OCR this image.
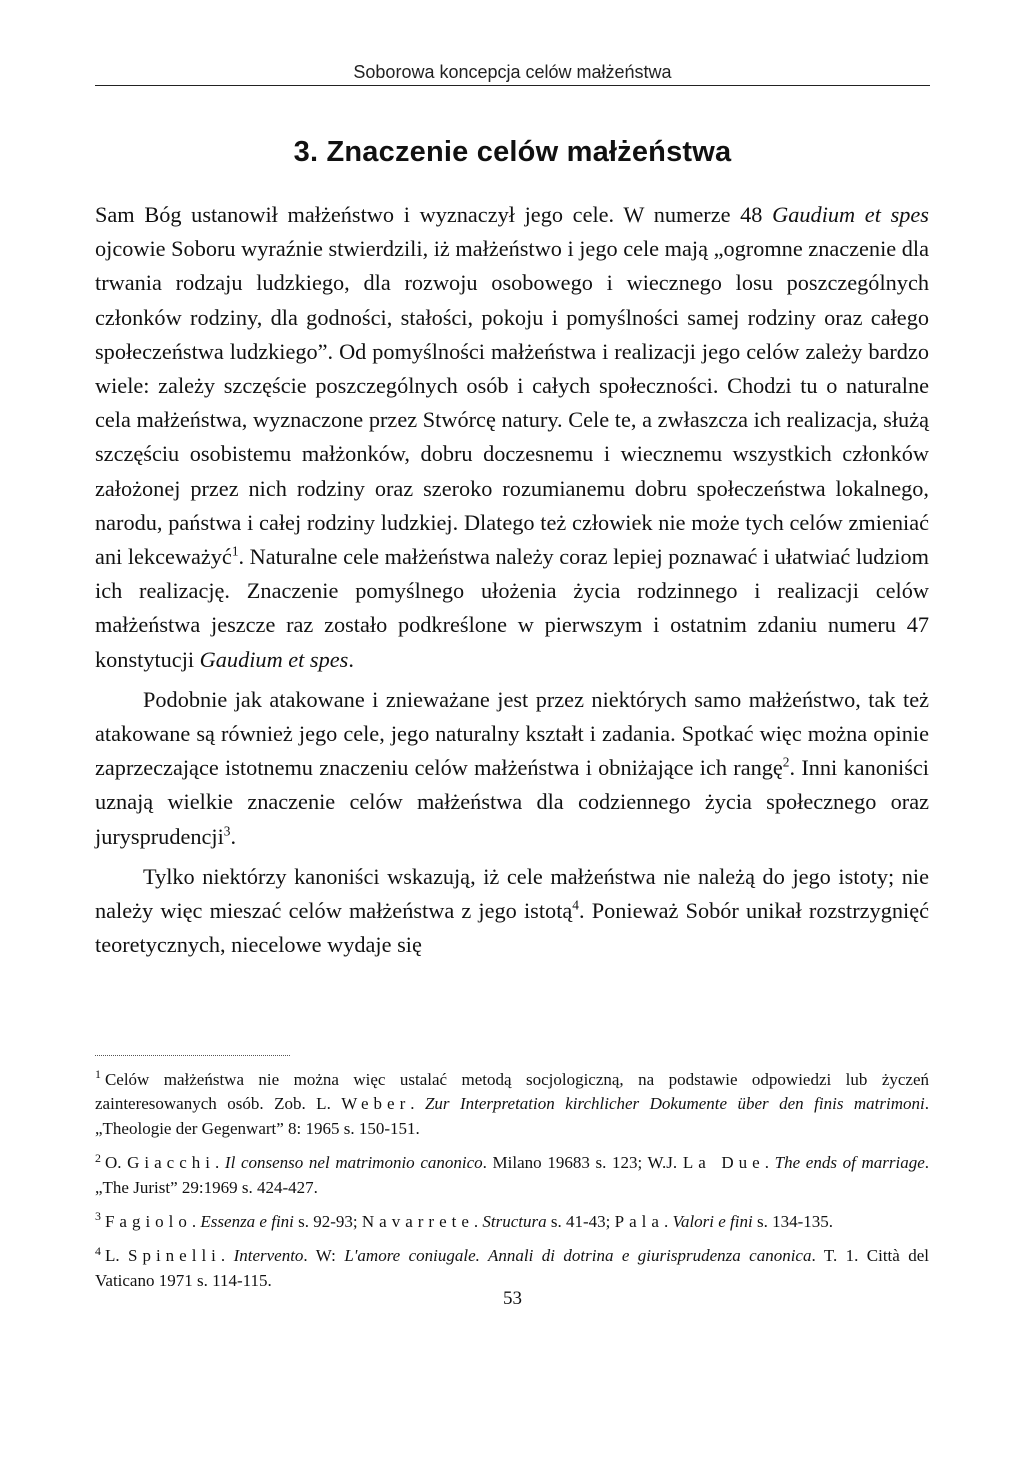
Soborowa koncepcja celów małżeństwa
3. Znaczenie celów małżeństwa

Sam Bóg ustanowił małżeństwo i wyznaczył jego cele. W numerze 48 Gaudium et spes ojcowie Soboru wyraźnie stwierdzili, iż małżeństwo i jego cele mają „ogromne znaczenie dla trwania rodzaju ludzkiego, dla rozwoju osobowego i wiecznego losu poszczególnych członków rodziny, dla godności, stałości, pokoju i pomyślności samej rodziny oraz całego społeczeństwa ludzkiego”. Od pomyślności małżeństwa i realizacji jego celów zależy bardzo wiele: zależy szczęście poszczególnych osób i całych społeczności. Chodzi tu o naturalne cela małżeństwa, wyznaczone przez Stwórcę natury. Cele te, a zwłaszcza ich realizacja, służą szczęściu osobistemu małżonków, dobru doczesnemu i wiecznemu wszystkich członków założonej przez nich rodziny oraz szeroko rozumianemu dobru społeczeństwa lokalnego, narodu, państwa i całej rodziny ludzkiej. Dlatego też człowiek nie może tych celów zmieniać ani lekceważyć$^1$. Naturalne cele małżeństwa należy coraz lepiej poznawać i ułatwiać ludziom ich realizację. Znaczenie pomyślnego ułożenia życia rodzinnego i realizacji celów małżeństwa jeszcze raz zostało podkreślone w pierwszym i ostatnim zdaniu numeru 47 konstytucji Gaudium et spes.

Podobnie jak atakowane i znieważane jest przez niektórych samo małżeństwo, tak też atakowane są również jego cele, jego naturalny kształt i zadania. Spotkać więc można opinie zaprzeczające istotnemu znaczeniu celów małżeństwa i obniżające ich rangę$^2$. Inni kanoniści uznają wielkie znaczenie celów małżeństwa dla codziennego życia społecznego oraz jurysprudencji$^3$.

Tylko niektórzy kanoniści wskazują, iż cele małżeństwa nie należą do jego istoty; nie należy więc mieszać celów małżeństwa z jego istotą$^4$. Ponieważ Sobór unikał rozstrzygnięć teoretycznych, niecelowe wydaje się

$^1$ Celów małżeństwa nie można więc ustalać metodą socjologiczną, na podstawie odpowiedzi lub życzeń zainteresowanych osób. Zob. L. Weber. Zur Interpretation kirchlicher Dokumente über den finis matrimoni. „Theologie der Gegenwart” 8: 1965 s. 150-151.
$^2$ O. Giacchi. Il consenso nel matrimonio canonico. Milano 19683 s. 123; W.J. La Due. The ends of marriage. „The Jurist” 29:1969 s. 424-427.
$^3$ Fagiolo. Essenza e fini s. 92-93; Navarrete. Structura s. 41-43; Pala. Valori e fini s. 134-135.
$^4$ L. Spinelli. Intervento. W: L'amore coniugale. Annali di dotrina e giurisprudenza canonica. T. 1. Città del Vaticano 1971 s. 114-115.
53
